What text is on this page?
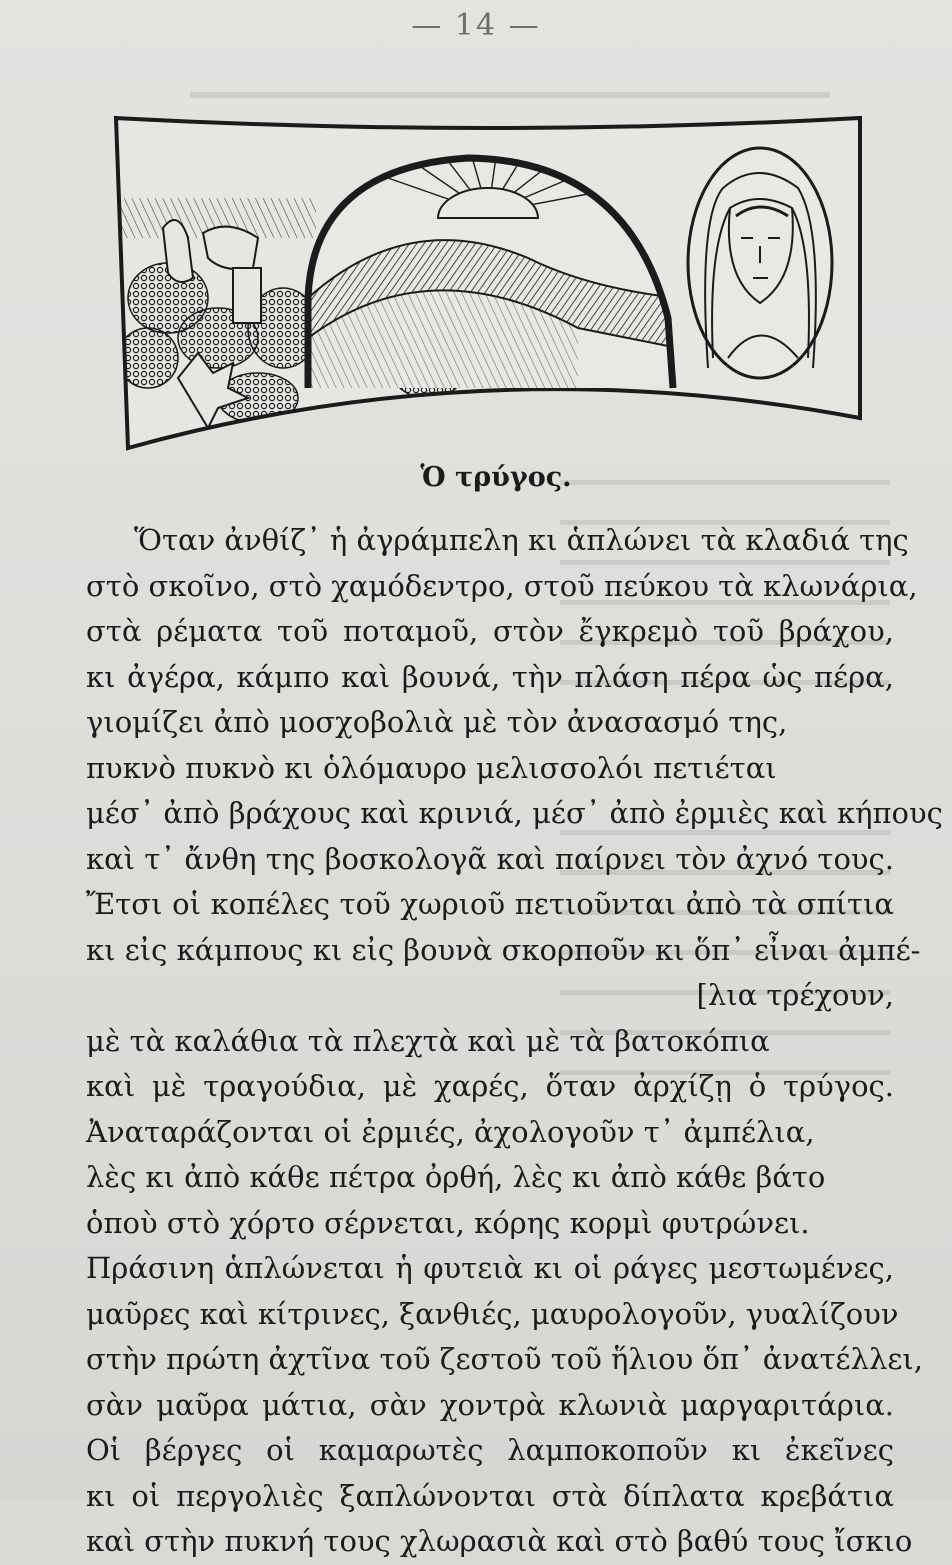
— 14 —
Ὁ τρύγος.
Ὅταν ἀνθίζ᾿ ἡ ἀγράμπελη κι ἁπλώνει τὰ κλαδιά της
στὸ σκοῖνο, στὸ χαμόδεντρο, στοῦ πεύκου τὰ κλωνάρια,
στὰ ρέματα τοῦ ποταμοῦ, στὸν ἔγκρεμὸ τοῦ βράχου,
κι ἀγέρα, κάμπο καὶ βουνά, τὴν πλάση πέρα ὡς πέρα,
γιομίζει ἀπὸ μοσχοβολιὰ μὲ τὸν ἀνασασμό της,
πυκνὸ πυκνὸ κι ὁλόμαυρο μελισσολόι πετιέται
μέσ᾿ ἀπὸ βράχους καὶ κρινιά, μέσ᾿ ἀπὸ ἐρμιὲς καὶ κήπους
καὶ τ᾿ ἄνθη της βοσκολογᾶ καὶ παίρνει τὸν ἀχνό τους.
Ἔτσι οἱ κοπέλες τοῦ χωριοῦ πετιοῦνται ἀπὸ τὰ σπίτια
κι εἰς κάμπους κι εἰς βουνὰ σκορποῦν κι ὅπ᾿ εἶναι ἀμπέ-
[λια τρέχουν,
μὲ τὰ καλάθια τὰ πλεχτὰ καὶ μὲ τὰ βατοκόπια
καὶ μὲ τραγούδια, μὲ χαρές, ὅταν ἀρχίζῃ ὁ τρύγος.
Ἀναταράζονται οἱ ἐρμιές, ἀχολογοῦν τ᾿ ἀμπέλια,
λὲς κι ἀπὸ κάθε πέτρα ὀρθή, λὲς κι ἀπὸ κάθε βάτο
ὁποὺ στὸ χόρτο σέρνεται, κόρης κορμὶ φυτρώνει.
Πράσινη ἁπλώνεται ἡ φυτειὰ κι οἱ ράγες μεστωμένες,
μαῦρες καὶ κίτρινες, ξανθιές, μαυρολογοῦν, γυαλίζουν
στὴν πρώτη ἀχτῖνα τοῦ ζεστοῦ τοῦ ἥλιου ὅπ᾿ ἀνατέλλει,
σὰν μαῦρα μάτια, σὰν χοντρὰ κλωνιὰ μαργαριτάρια.
Οἱ βέργες οἱ καμαρωτὲς λαμποκοποῦν κι ἐκεῖνες
κι οἱ περγολιὲς ξαπλώνονται στὰ δίπλατα κρεβάτια
καὶ στὴν πυκνή τους χλωρασιὰ καὶ στὸ βαθύ τους ἴσκιο
